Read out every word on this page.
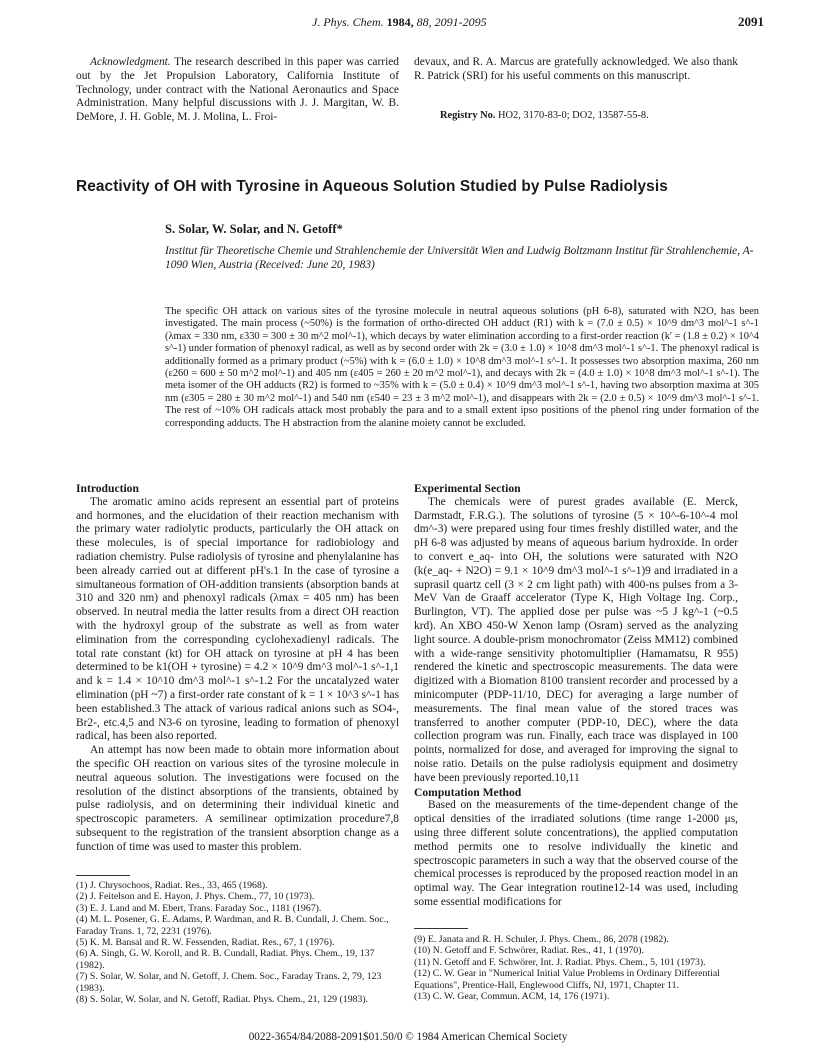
J. Phys. Chem. 1984, 88, 2091-2095	2091

Acknowledgment. The research described in this paper was carried out by the Jet Propulsion Laboratory, California Institute of Technology, under contract with the National Aeronautics and Space Administration. Many helpful discussions with J. J. Margitan, W. B. DeMore, J. H. Goble, M. J. Molina, L. Froi-

devaux, and R. A. Marcus are gratefully acknowledged. We also thank R. Patrick (SRI) for his useful comments on this manuscript.

Registry No. HO2, 3170-83-0; DO2, 13587-55-8.
Reactivity of OH with Tyrosine in Aqueous Solution Studied by Pulse Radiolysis
S. Solar, W. Solar, and N. Getoff*
Institut für Theoretische Chemie und Strahlenchemie der Universität Wien and Ludwig Boltzmann Institut für Strahlenchemie, A-1090 Wien, Austria (Received: June 20, 1983)
The specific OH attack on various sites of the tyrosine molecule in neutral aqueous solutions (pH 6-8), saturated with N2O, has been investigated. The main process (~50%) is the formation of ortho-directed OH adduct (R1) with k = (7.0 ± 0.5) × 10^9 dm^3 mol^-1 s^-1 (λmax = 330 nm, ε330 = 300 ± 30 m^2 mol^-1), which decays by water elimination according to a first-order reaction (k' = (1.8 ± 0.2) × 10^4 s^-1) under formation of phenoxyl radical, as well as by second order with 2k = (3.0 ± 1.0) × 10^8 dm^3 mol^-1 s^-1. The phenoxyl radical is additionally formed as a primary product (~5%) with k = (6.0 ± 1.0) × 10^8 dm^3 mol^-1 s^-1. It possesses two absorption maxima, 260 nm (ε260 = 600 ± 50 m^2 mol^-1) and 405 nm (ε405 = 260 ± 20 m^2 mol^-1), and decays with 2k = (4.0 ± 1.0) × 10^8 dm^3 mol^-1 s^-1). The meta isomer of the OH adducts (R2) is formed to ~35% with k = (5.0 ± 0.4) × 10^9 dm^3 mol^-1 s^-1, having two absorption maxima at 305 nm (ε305 = 280 ± 30 m^2 mol^-1) and 540 nm (ε540 = 23 ± 3 m^2 mol^-1), and disappears with 2k = (2.0 ± 0.5) × 10^9 dm^3 mol^-1 s^-1. The rest of ~10% OH radicals attack most probably the para and to a small extent ipso positions of the phenol ring under formation of the corresponding adducts. The H abstraction from the alanine moiety cannot be excluded.

Introduction

The aromatic amino acids represent an essential part of proteins and hormones, and the elucidation of their reaction mechanism with the primary water radiolytic products, particularly the OH attack on these molecules, is of special importance for radiobiology and radiation chemistry. Pulse radiolysis of tyrosine and phenylalanine has been already carried out at different pH's.1 In the case of tyrosine a simultaneous formation of OH-addition transients (absorption bands at 310 and 320 nm) and phenoxyl radicals (λmax = 405 nm) has been observed. In neutral media the latter results from a direct OH reaction with the hydroxyl group of the substrate as well as from water elimination from the corresponding cyclohexadienyl radicals. The total rate constant (kt) for OH attack on tyrosine at pH 4 has been determined to be k1(OH + tyrosine) = 4.2 × 10^9 dm^3 mol^-1 s^-1,1 and k = 1.4 × 10^10 dm^3 mol^-1 s^-1.2 For the uncatalyzed water elimination (pH ~7) a first-order rate constant of k = 1 × 10^3 s^-1 has been established.3 The attack of various radical anions such as SO4-, Br2-, etc.4,5 and N3-6 on tyrosine, leading to formation of phenoxyl radical, has been also reported.

An attempt has now been made to obtain more information about the specific OH reaction on various sites of the tyrosine molecule in neutral aqueous solution. The investigations were focused on the resolution of the distinct absorptions of the transients, obtained by pulse radiolysis, and on determining their individual kinetic and spectroscopic parameters. A semilinear optimization procedure7,8 subsequent to the registration of the transient absorption change as a function of time was used to master this problem.

Experimental Section

The chemicals were of purest grades available (E. Merck, Darmstadt, F.R.G.). The solutions of tyrosine (5 × 10^-6-10^-4 mol dm^-3) were prepared using four times freshly distilled water, and the pH 6-8 was adjusted by means of aqueous barium hydroxide. In order to convert e_aq- into OH, the solutions were saturated with N2O (k(e_aq- + N2O) = 9.1 × 10^9 dm^3 mol^-1 s^-1)9 and irradiated in a suprasil quartz cell (3 × 2 cm light path) with 400-ns pulses from a 3-MeV Van de Graaff accelerator (Type K, High Voltage Ing. Corp., Burlington, VT). The applied dose per pulse was ~5 J kg^-1 (~0.5 krd). An XBO 450-W Xenon lamp (Osram) served as the analyzing light source. A double-prism monochromator (Zeiss MM12) combined with a wide-range sensitivity photomultiplier (Hamamatsu, R 955) rendered the kinetic and spectroscopic measurements. The data were digitized with a Biomation 8100 transient recorder and processed by a minicomputer (PDP-11/10, DEC) for averaging a large number of measurements. The final mean value of the stored traces was transferred to another computer (PDP-10, DEC), where the data collection program was run. Finally, each trace was displayed in 100 points, normalized for dose, and averaged for improving the signal to noise ratio. Details on the pulse radiolysis equipment and dosimetry have been previously reported.10,11

Computation Method

Based on the measurements of the time-dependent change of the optical densities of the irradiated solutions (time range 1-2000 μs, using three different solute concentrations), the applied computation method permits one to resolve individually the kinetic and spectroscopic parameters in such a way that the observed course of the chemical processes is reproduced by the proposed reaction model in an optimal way. The Gear integration routine12-14 was used, including some essential modifications for

(1) J. Chrysochoos, Radiat. Res., 33, 465 (1968).

(2) J. Feitelson and E. Hayon, J. Phys. Chem., 77, 10 (1973).

(3) E. J. Land and M. Ebert, Trans. Faraday Soc., 1181 (1967).

(4) M. L. Posener, G. E. Adams, P. Wardman, and R. B. Cundall, J. Chem. Soc., Faraday Trans. 1, 72, 2231 (1976).

(5) K. M. Bansal and R. W. Fessenden, Radiat. Res., 67, 1 (1976).

(6) A. Singh, G. W. Koroll, and R. B. Cundall, Radiat. Phys. Chem., 19, 137 (1982).

(7) S. Solar, W. Solar, and N. Getoff, J. Chem. Soc., Faraday Trans. 2, 79, 123 (1983).

(8) S. Solar, W. Solar, and N. Getoff, Radiat. Phys. Chem., 21, 129 (1983).

(9) E. Janata and R. H. Schuler, J. Phys. Chem., 86, 2078 (1982).

(10) N. Getoff and F. Schwörer, Radiat. Res., 41, 1 (1970).

(11) N. Getoff and F. Schwörer, Int. J. Radiat. Phys. Chem., 5, 101 (1973).

(12) C. W. Gear in "Numerical Initial Value Problems in Ordinary Differential Equations", Prentice-Hall, Englewood Cliffs, NJ, 1971, Chapter 11.

(13) C. W. Gear, Commun. ACM, 14, 176 (1971).

0022-3654/84/2088-2091$01.50/0 © 1984 American Chemical Society
